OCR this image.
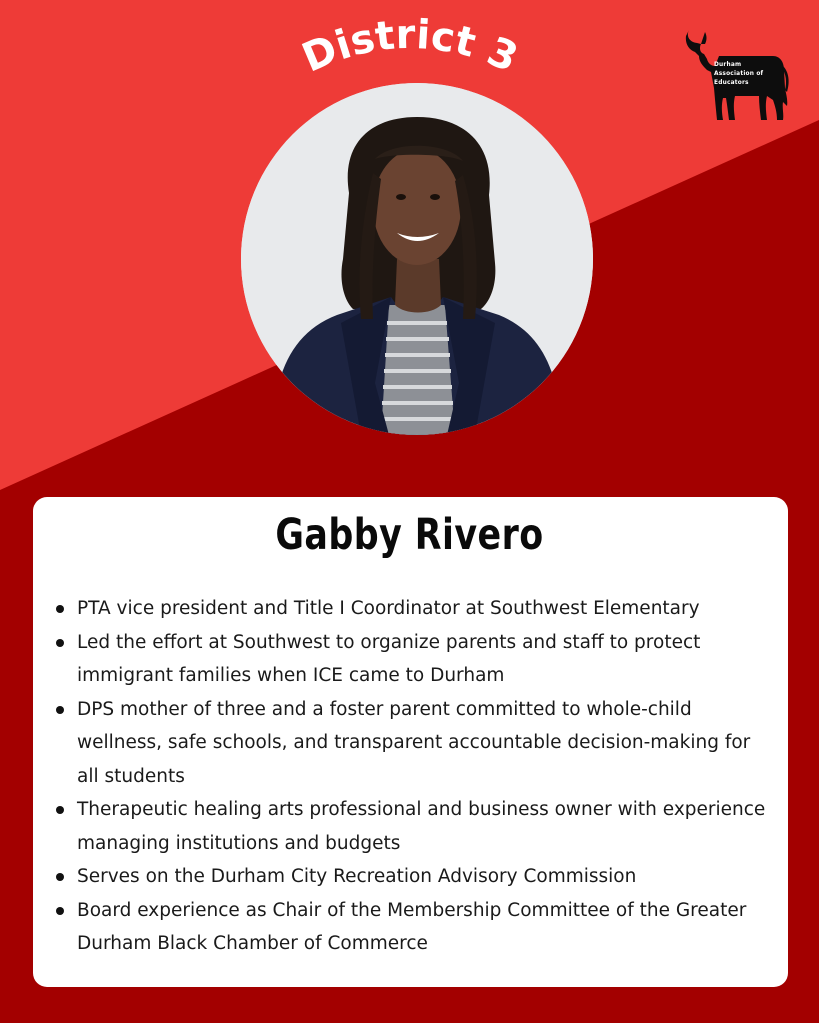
District 3	Durham
Association of
Educators
Gabby Rivero
PTA vice president and Title I Coordinator at Southwest Elementary
Led the effort at Southwest to organize parents and staff to protect immigrant families when ICE came to Durham
DPS mother of three and a foster parent committed to whole-child wellness, safe schools, and transparent accountable decision-making for all students
Therapeutic healing arts professional and business owner with experience managing institutions and budgets
Serves on the Durham City Recreation Advisory Commission
Board experience as Chair of the Membership Committee of the Greater Durham Black Chamber of Commerce
